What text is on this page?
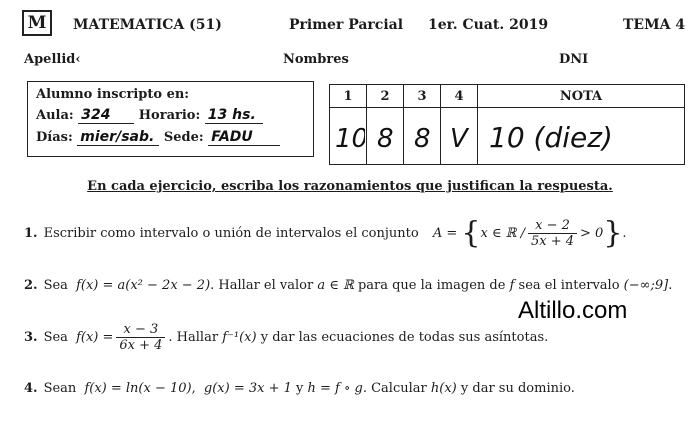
M	MATEMATICA (51)	Primer Parcial 1er. Cuat. 2019	TEMA 4
Apellid‹	Nombres	DNI
Alumno inscripto en:
Aula: 324 Horario: 13 hs.
Días: mier/sab. Sede: FADU
1	2	3	4	NOTA

10	8	8	V	10 (diez)
En cada ejercicio, escriba los razonamientos que justifican la respuesta.
1. Escribir como intervalo o unión de intervalos el conjunto A = {x ∈ ℝ / $\frac{x - 2}{5x + 4} > 0$}.
2. Sea f(x) = a(x² − 2x − 2). Hallar el valor a ∈ ℝ para que la imagen de f sea el intervalo (−∞;9].
3. Sea $f(x) = \frac{x - 3}{6x + 4}$ . Hallar f⁻¹(x) y dar las ecuaciones de todas sus asíntotas.
4. Sean f(x) = ln(x − 10), g(x) = 3x + 1 y h = f ∘ g. Calcular h(x) y dar su dominio.
Altillo.com
